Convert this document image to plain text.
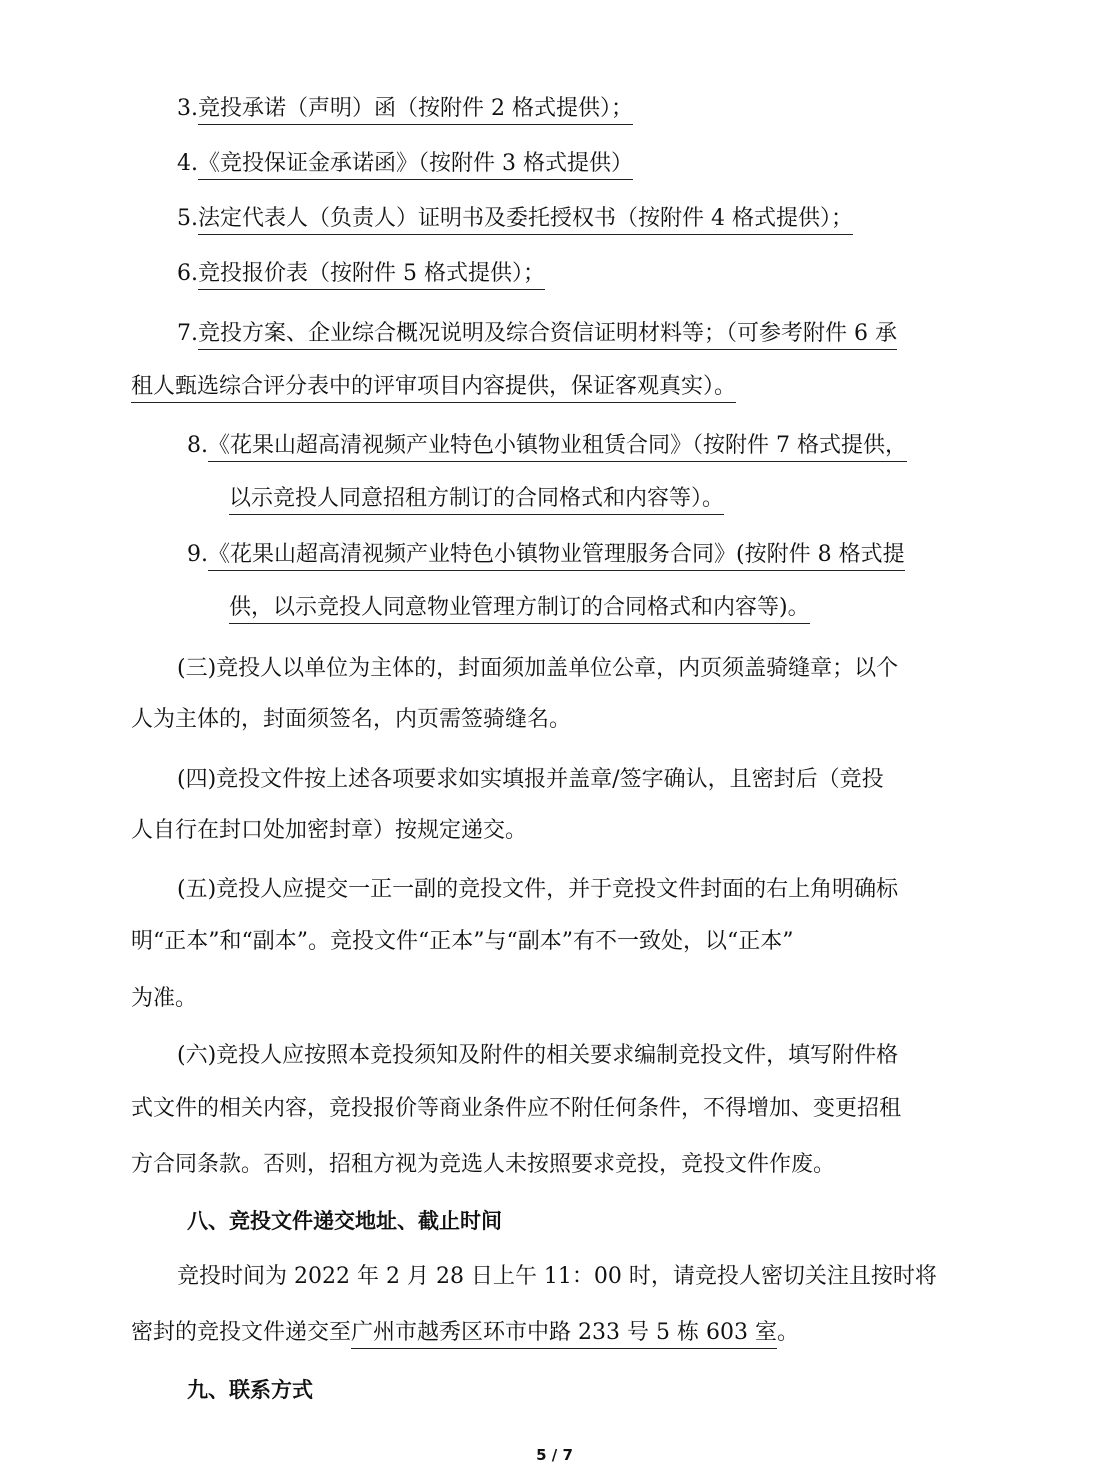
3.竞投承诺（声明）函（按附件 2 格式提供）；

4.《竞投保证金承诺函》（按附件 3 格式提供）

5.法定代表人（负责人）证明书及委托授权书（按附件 4 格式提供）；

6.竞投报价表（按附件 5 格式提供）；

7.竞投方案、企业综合概况说明及综合资信证明材料等；（可参考附件 6 承

租人甄选综合评分表中的评审项目内容提供，保证客观真实）。

8.《花果山超高清视频产业特色小镇物业租赁合同》（按附件 7 格式提供，

以示竞投人同意招租方制订的合同格式和内容等）。

9.《花果山超高清视频产业特色小镇物业管理服务合同》(按附件 8 格式提

供，以示竞投人同意物业管理方制订的合同格式和内容等)。

(三)竞投人以单位为主体的，封面须加盖单位公章，内页须盖骑缝章；以个

人为主体的，封面须签名，内页需签骑缝名。

(四)竞投文件按上述各项要求如实填报并盖章/签字确认，且密封后（竞投

人自行在封口处加密封章）按规定递交。

(五)竞投人应提交一正一副的竞投文件，并于竞投文件封面的右上角明确标

明“正本”和“副本”。竞投文件“正本”与“副本”有不一致处，以“正本”

为准。

(六)竞投人应按照本竞投须知及附件的相关要求编制竞投文件，填写附件格

式文件的相关内容，竞投报价等商业条件应不附任何条件，不得增加、变更招租

方合同条款。否则，招租方视为竞选人未按照要求竞投，竞投文件作废。

八、竞投文件递交地址、截止时间

竞投时间为 2022 年 2 月 28 日上午 11：00 时，请竞投人密切关注且按时将

密封的竞投文件递交至广州市越秀区环市中路 233 号 5 栋 603 室。

九、联系方式

5 / 7
